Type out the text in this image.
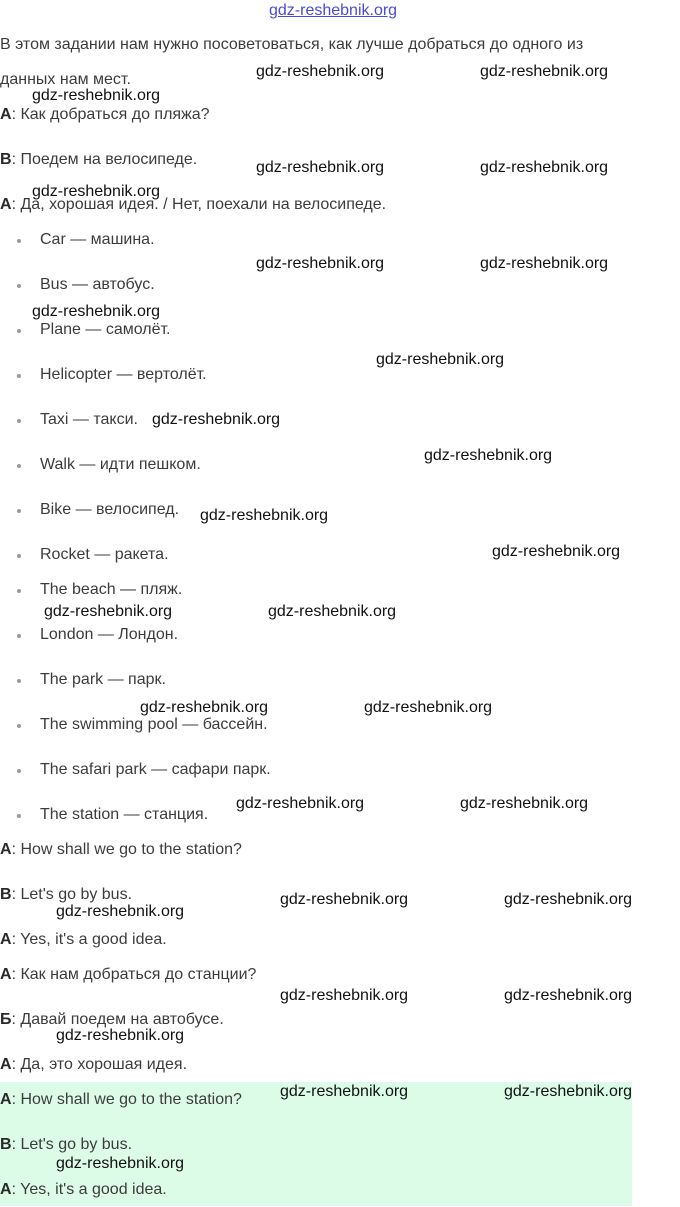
gdz-reshebnik.org
В этом задании нам нужно посоветоваться, как лучше добраться до одного из
данных нам мест.
A: Как добраться до пляжа?
B: Поедем на велосипеде.
A: Да, хорошая идея. / Нет, поехали на велосипеде.
Car — машина.
Bus — автобус.
Plane — самолёт.
Helicopter — вертолёт.
Taxi — такси.
Walk — идти пешком.
Bike — велосипед.
Rocket — ракета.
The beach — пляж.
London — Лондон.
The park — парк.
The swimming pool — бассейн.
The safari park — сафари парк.
The station — станция.
A: How shall we go to the station?
B: Let's go by bus.
A: Yes, it's a good idea.
А: Как нам добраться до станции?
Б: Давай поедем на автобусе.
А: Да, это хорошая идея.
A: How shall we go to the station?
B: Let's go by bus.
A: Yes, it's a good idea.
gdz-reshebnik.org	gdz-reshebnik.org
gdz-reshebnik.org
gdz-reshebnik.org	gdz-reshebnik.org
gdz-reshebnik.org
gdz-reshebnik.org	gdz-reshebnik.org
gdz-reshebnik.org
gdz-reshebnik.org
gdz-reshebnik.org
gdz-reshebnik.org
gdz-reshebnik.org
gdz-reshebnik.org
gdz-reshebnik.org	gdz-reshebnik.org
gdz-reshebnik.org	gdz-reshebnik.org
gdz-reshebnik.org	gdz-reshebnik.org
gdz-reshebnik.org	gdz-reshebnik.org
gdz-reshebnik.org
gdz-reshebnik.org	gdz-reshebnik.org
gdz-reshebnik.org
gdz-reshebnik.org	gdz-reshebnik.org
gdz-reshebnik.org
